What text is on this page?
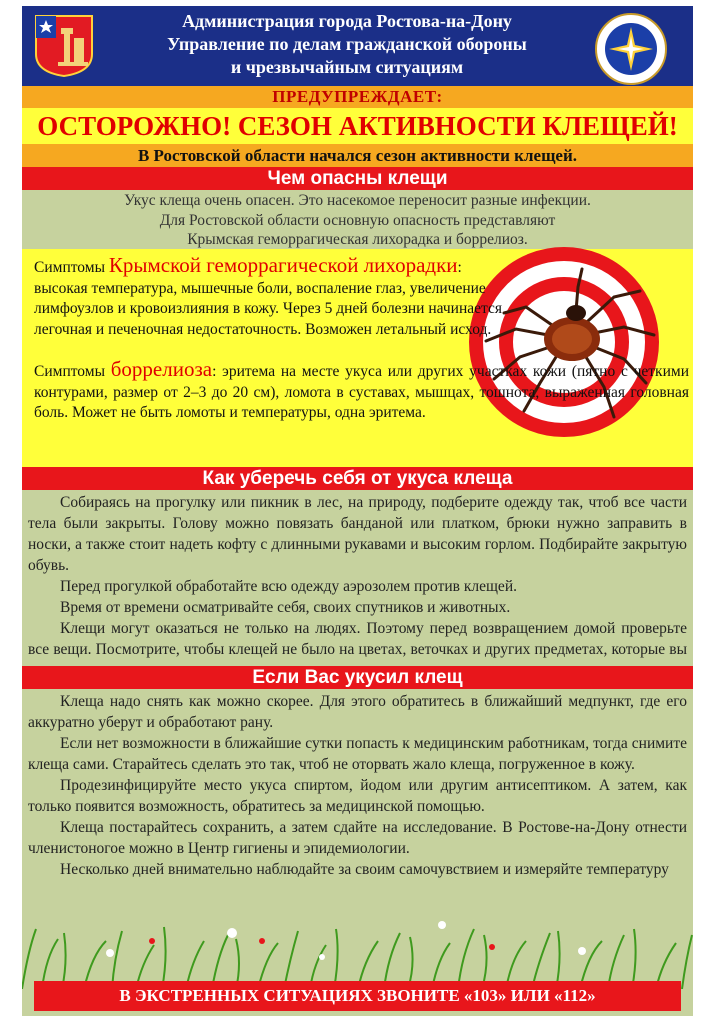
Администрация города Ростова-на-Дону
Управление по делам гражданской обороны
и чрезвычайным ситуациям
ПРЕДУПРЕЖДАЕТ:
ОСТОРОЖНО! СЕЗОН АКТИВНОСТИ КЛЕЩЕЙ!
В Ростовской области начался сезон активности клещей.
Чем опасны клещи
Укус клеща очень опасен. Это насекомое переносит разные инфекции.
Для Ростовской области основную опасность представляют
Крымская геморрагическая лихорадка и боррелиоз.
Симптомы Крымской геморрагической лихорадки:
высокая температура, мышечные боли, воспаление глаз, увеличение лимфоузлов и кровоизлияния в кожу. Через 5 дней болезни начинается легочная и печеночная недостаточность. Возможен летальный исход.
Симптомы боррелиоза: эритема на месте укуса или других участках кожи (пятно с четкими контурами, размер от 2–3 до 20 см), ломота в суставах, мышцах, тошнота, выраженная головная боль. Может не быть ломоты и температуры, одна эритема.
Как уберечь себя от укуса клеща

Собираясь на прогулку или пикник в лес, на природу, подберите одежду так, чтоб все части тела были закрыты. Голову можно повязать банданой или платком, брюки нужно заправить в носки, а также стоит надеть кофту с длинными рукавами и высоким горлом. Подбирайте закрытую обувь.

Перед прогулкой обработайте всю одежду аэрозолем против клещей.

Время от времени осматривайте себя, своих спутников и животных.

Клещи могут оказаться не только на людях. Поэтому перед возвращением домой проверьте все вещи. Посмотрите, чтобы клещей не было на цветах, веточках и других предметах, которые вы

Если Вас укусил клещ

Клеща надо снять как можно скорее. Для этого обратитесь в ближайший медпункт, где его аккуратно уберут и обработают рану.

Если нет возможности в ближайшие сутки попасть к медицинским работникам, тогда снимите клеща сами. Старайтесь сделать это так, чтоб не оторвать жало клеща, погруженное в кожу.

Продезинфицируйте место укуса спиртом, йодом или другим антисептиком. А затем, как только появится возможность, обратитесь за медицинской помощью.

Клеща постарайтесь сохранить, а затем сдайте на исследование. В Ростове-на-Дону отнести членистоногое можно в Центр гигиены и эпидемиологии.

Несколько дней внимательно наблюдайте за своим самочувствием и измеряйте температуру

В ЭКСТРЕННЫХ СИТУАЦИЯХ ЗВОНИТЕ «103» ИЛИ «112»
